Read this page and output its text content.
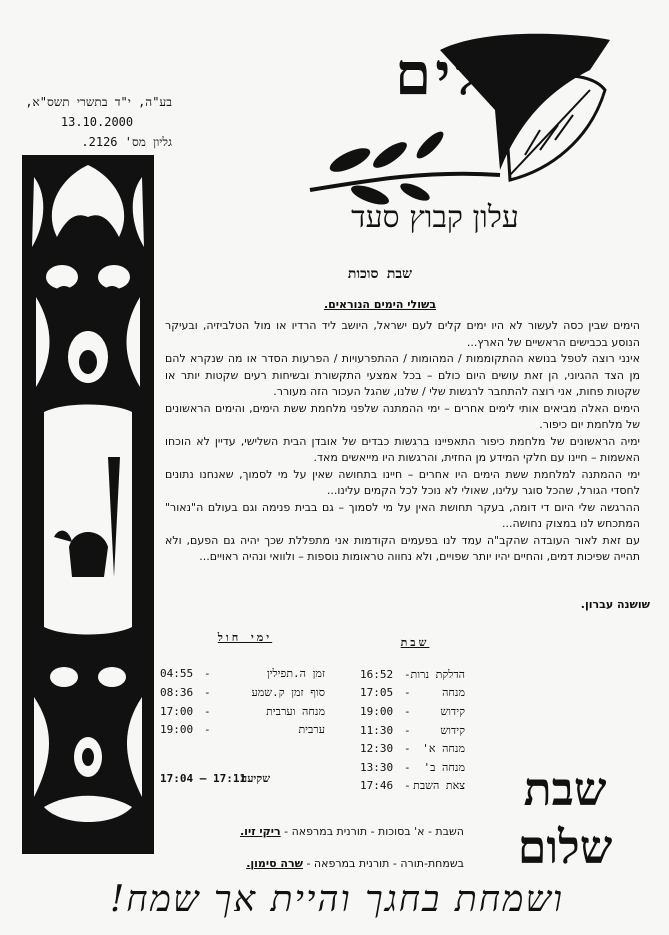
בע"ה, י"ד בתשרי תשס"א,
13.10.2000
גליון מס' 2126.
עלים
עלון קבוץ סעד
שבת סוכות
בשולי הימים הנוראים.

הימים שבין כסה לעשור לא היו ימים קלים לעם ישראל, היושב ליד הרדיו או מול הטלביזיה, ובעיקר הנוסע בכבישים הראשיים של הארץ...

אינני רוצה לטפל בנושא ההתקוממות / המהומות / ההתפרעויות / הפרעות הסדר או מה שנקרא להם מן הצד ההגיוני, הן זאת עושים היום כולם – בכל אמצעי התקשורת ובשיחות רעים שקטות יותר או שקטות פחות, אני רוצה להתחבר לרגשות שלי / שלנו, שהגל העכור הזה מעורר.

הימים האלה מביאים אותי לימים אחרים – ימי ההמתנה שלפני מלחמת ששת הימים, והימים הראשונים של מלחמת יום כיפור.

ימיה הראשונים של מלחמת כיפור התאפיינו ברגשות כבדים של אובדן הבית השלישי, עדיין לא הוכחו האשמות – חיינו עם חלקי המידע מן החזית, והרגשות היו מייאשים מאד.

ימי ההמתנה למלחמת ששת הימים היו אחרים – חיינו בתחושה שאין על מי לסמוך, שאנחנו נתונים לחסדי הגורל, שהכל סוגר עלינו, שאולי לא נוכל לכל הקמים עלינו...

ההרגשה שלי היום די דומה, בעקר תחושת האין על מי לסמוך – גם בבית פנימה וגם בעולם ה"נאור" המתכחש לנו במצוק נחושה...

עם זאת לאור העובדה שהקב"ה עמד לנו בפעמים הקודמות אני מתפללת שכך יהיה גם הפעם, ולא תהייה שפיכות דמים, והחיים יהיו יותר שפויים, ולא נחווה טראומות נוספות – ולוואי ונהיה ראויים...

שושנה עברון.
שבת
16:52 - הדלקת נרות
17:05 -	מנחה
19:00 -	קידוש
11:30 -	קידוש
12:30 - מנחה א'
13:30 - מנחה ב'
17:46 - צאת השבת
ימי חול
04:55 -	זמן ה.תפילין
08:36 -	סוף זמן ק.שמע
17:00 -	מנחה וערבית
19:00 -	ערבית
17:04 – 17:11
שקיעה	שבת
שלום
השבת - א' בסוכות - תורנית במרפאה - ריקי זיו.
בשמחת-תורה - תורנית במרפאה - שרה סימון.
ושמחת בחגך והיית אך שמח!
